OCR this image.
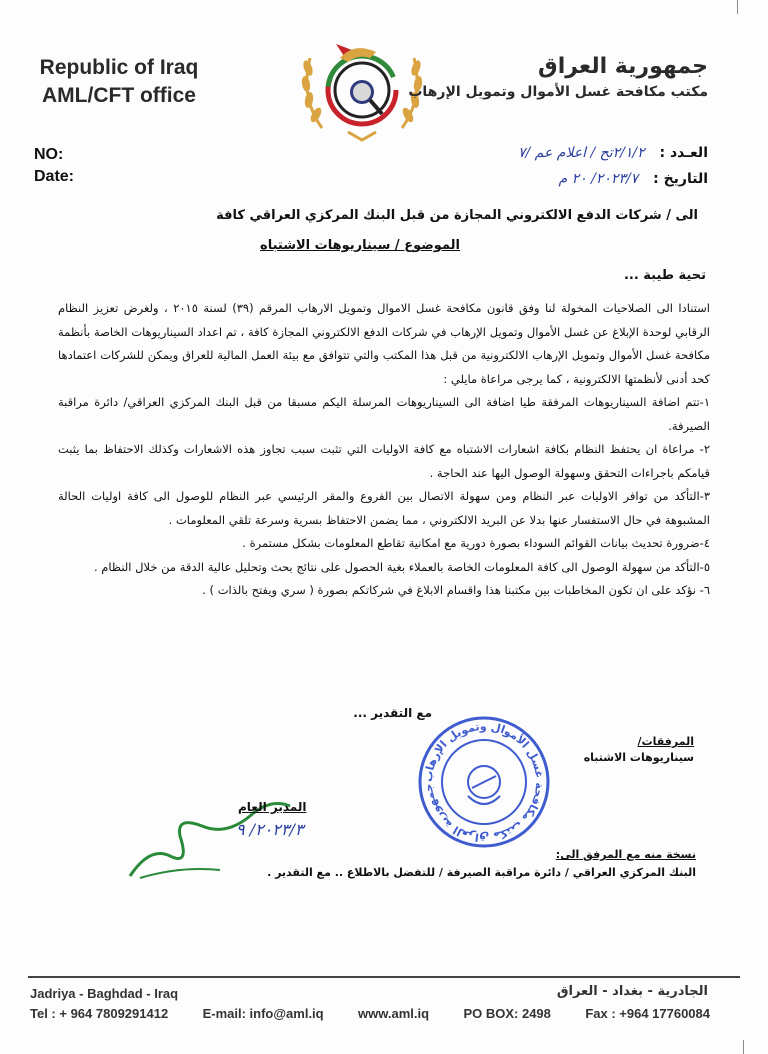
Republic of Iraq
AML/CFT office
جمهورية العراق
مكتب مكافحة غسل الأموال وتمويل الإرهاب
NO:
Date:
العـدد : ٢/١/٢تح / اعلام عم /٧
التاريخ : ٢٠٢٣/٧/ ٢٠ م
الى / شركات الدفع الالكتروني المجازة من قبل البنك المركزي العراقي كافة
الموضوع / سيناريوهات الاشتباه
تحية طيبة ...

استنادا الى الصلاحيات المخولة لنا وفق قانون مكافحة غسل الاموال وتمويل الارهاب المرقم (٣٩) لسنة ٢٠١٥ ، ولغرض تعزيز النظام الرقابي لوحدة الإبلاغ عن غسل الأموال وتمويل الإرهاب في شركات الدفع الالكتروني المجازة كافة ، تم اعداد السيناريوهات الخاصة بأنظمة مكافحة غسل الأموال وتمويل الإرهاب الالكترونية من قبل هذا المكتب والتي تتوافق مع بيئة العمل المالية للعراق ويمكن للشركات اعتمادها كحد أدنى لأنظمتها الالكترونية ، كما يرجى مراعاة مايلي :

١-تتم اضافة السيناريوهات المرفقة طيا اضافة الى السيناريوهات المرسلة اليكم مسبقا من قبل البنك المركزي العراقي/ دائرة مراقبة الصيرفة.

٢- مراعاة ان يحتفظ النظام بكافة اشعارات الاشتباه مع كافة الاوليات التي تثبت سبب تجاوز هذه الاشعارات وكذلك الاحتفاظ بما يثبت قيامكم باجراءات التحقق وسهولة الوصول اليها عند الحاجة .

٣-التأكد من توافر الاوليات عبر النظام ومن سهولة الاتصال بين الفروع والمقر الرئيسي عبر النظام للوصول الى كافة اوليات الحالة المشبوهة في حال الاستفسار عنها بدلا عن البريد الالكتروني ، مما يضمن الاحتفاظ بسرية وسرعة تلقي المعلومات .

٤-ضرورة تحديث بيانات القوائم السوداء بصورة دورية مع امكانية تقاطع المعلومات بشكل مستمرة .

٥-التأكد من سهولة الوصول الى كافة المعلومات الخاصة بالعملاء بغية الحصول على نتائج بحث وتحليل عالية الدقة من خلال النظام .

٦- نؤكد على ان تكون المخاطبات بين مكتبنا هذا واقسام الابلاغ في شركاتكم بصورة ( سري ويفتح بالذات ) .

مع التقدير ...
جمهورية العراق مكتب مكافحة غسل الأموال وتمويل الإرهاب
المرفقات/
سيناريوهات الاشتباه
المدير العام
٢٠٢٣/٣/ ٩
نسخة منه مع المرفق الى:
البنك المركزي العراقي / دائرة مراقبة الصيرفة / للتفضل بالاطلاع .. مع التقدير .
Jadriya - Baghdad - Iraq	الجادرية - بغداد - العراق
Tel : + 964 7809291412	E-mail: info@aml.iq	www.aml.iq	PO BOX: 2498	Fax : +964 17760084
